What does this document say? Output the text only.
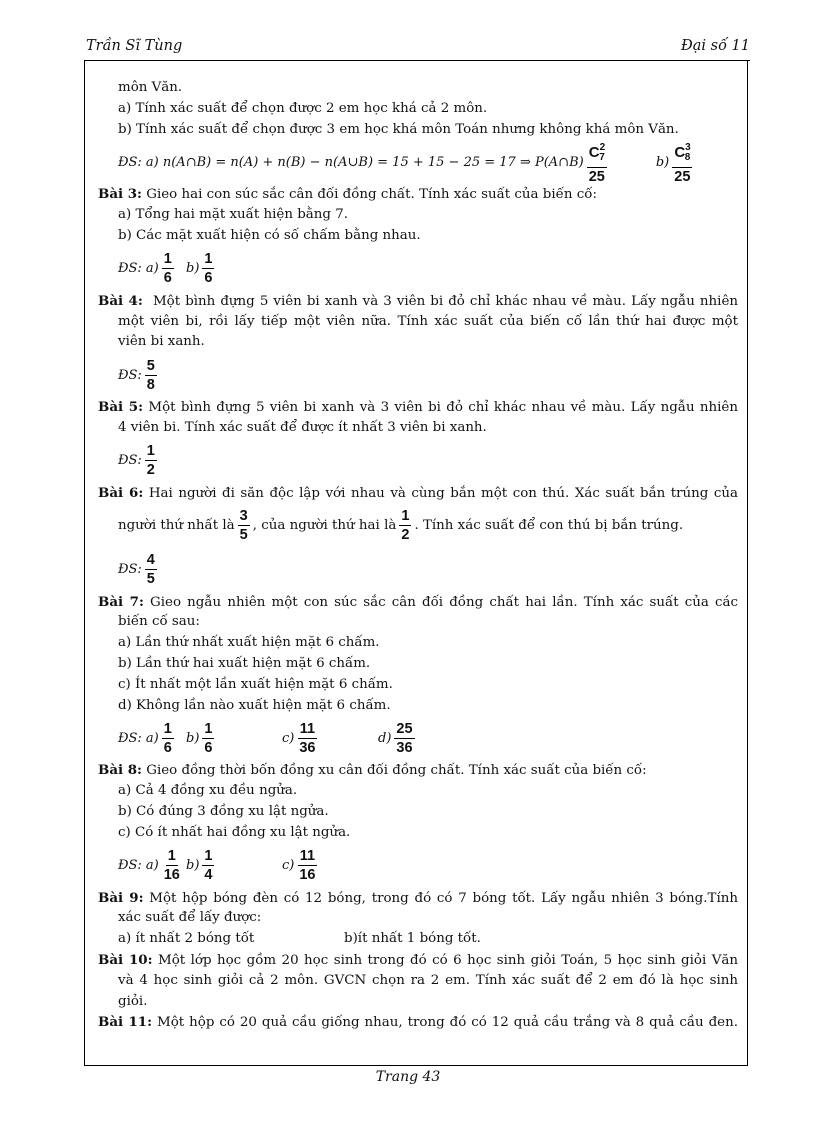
Trần Sĩ Tùng	Đại số 11
môn Văn.
a) Tính xác suất để chọn được 2 em học khá cả 2 môn.
b) Tính xác suất để chọn được 3 em học khá môn Toán nhưng không khá môn Văn.
ĐS: a) n(A∩B) = n(A) + n(B) − n(A∪B) = 15 + 15 − 25 = 17 ⇒ P(A∩B) $\frac{C^2_7}{25}$	$b) \frac{C^3_8}{25}$
Bài 3: Gieo hai con súc sắc cân đối đồng chất. Tính xác suất của biến cố:
a) Tổng hai mặt xuất hiện bằng 7.
b) Các mặt xuất hiện có số chấm bằng nhau.
ĐS: $a) \frac{1}{6} b) \frac{1}{6}$
Bài 4: Một bình đựng 5 viên bi xanh và 3 viên bi đỏ chỉ khác nhau về màu. Lấy ngẫu nhiên
một viên bi, rồi lấy tiếp một viên nữa. Tính xác suất của biến cố lần thứ hai được một
viên bi xanh.
ĐS:
5
8
Bài 5: Một bình đựng 5 viên bi xanh và 3 viên bi đỏ chỉ khác nhau về màu. Lấy ngẫu nhiên
4 viên bi. Tính xác suất để được ít nhất 3 viên bi xanh.
ĐS:
1
2
Bài 6: Hai người đi săn độc lập với nhau và cùng bắn một con thú. Xác suất bắn trúng của
người thứ nhất là $\frac{3}{5}$ , của người thứ hai là $\frac{1}{2}$ . Tính xác suất để con thú bị bắn trúng.
ĐS:
4
5
Bài 7: Gieo ngẫu nhiên một con súc sắc cân đối đồng chất hai lần. Tính xác suất của các
biến cố sau:
a) Lần thứ nhất xuất hiện mặt 6 chấm.
b) Lần thứ hai xuất hiện mặt 6 chấm.
c) Ít nhất một lần xuất hiện mặt 6 chấm.
d) Không lần nào xuất hiện mặt 6 chấm.
ĐS: $a) \frac{1}{6} b) \frac{1}{6}$	$c) \frac{11}{36}$	$d) \frac{25}{36}$
Bài 8: Gieo đồng thời bốn đồng xu cân đối đồng chất. Tính xác suất của biến cố:
a) Cả 4 đồng xu đều ngửa.
b) Có đúng 3 đồng xu lật ngửa.
c) Có ít nhất hai đồng xu lật ngửa.
ĐS: $a) \frac{1}{16} b) \frac{1}{4}$	$c) \frac{11}{16}$
Bài 9: Một hộp bóng đèn có 12 bóng, trong đó có 7 bóng tốt. Lấy ngẫu nhiên 3 bóng.Tính
xác suất để lấy được:
a) ít nhất 2 bóng tốt	b)ít nhất 1 bóng tốt.
Bài 10: Một lớp học gồm 20 học sinh trong đó có 6 học sinh giỏi Toán, 5 học sinh giỏi Văn
và 4 học sinh giỏi cả 2 môn. GVCN chọn ra 2 em. Tính xác suất để 2 em đó là học sinh
giỏi.
Bài 11: Một hộp có 20 quả cầu giống nhau, trong đó có 12 quả cầu trắng và 8 quả cầu đen.
Trang 43
